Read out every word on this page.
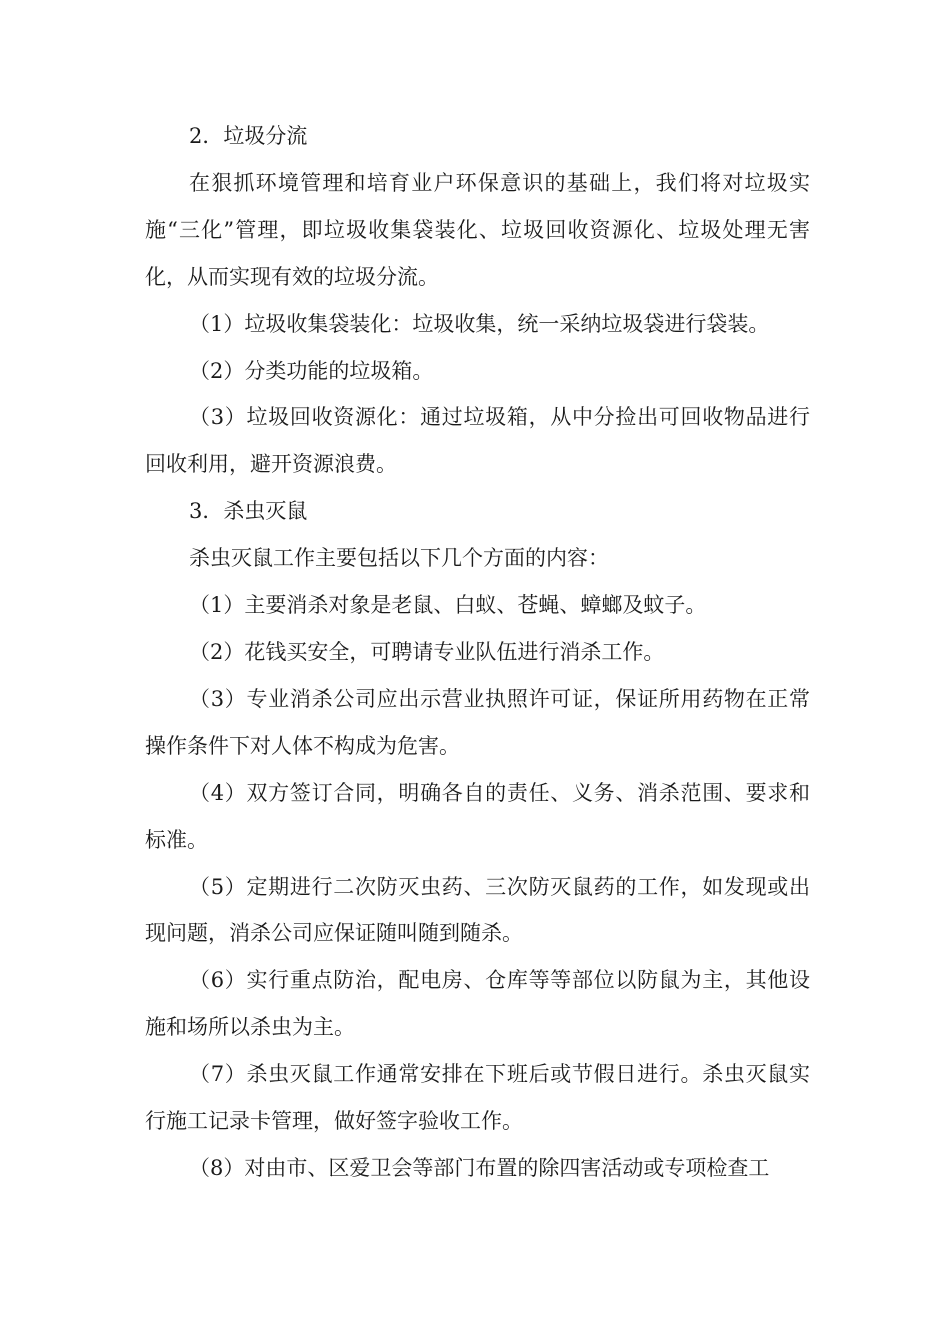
2．垃圾分流

在狠抓环境管理和培育业户环保意识的基础上，我们将对垃圾实施“三化”管理，即垃圾收集袋装化、垃圾回收资源化、垃圾处理无害化，从而实现有效的垃圾分流。

（1）垃圾收集袋装化：垃圾收集，统一采纳垃圾袋进行袋装。

（2）分类功能的垃圾箱。

（3）垃圾回收资源化：通过垃圾箱，从中分捡出可回收物品进行回收利用，避开资源浪费。

3．杀虫灭鼠

杀虫灭鼠工作主要包括以下几个方面的内容：

（1）主要消杀对象是老鼠、白蚁、苍蝇、蟑螂及蚊子。

（2）花钱买安全，可聘请专业队伍进行消杀工作。

（3）专业消杀公司应出示营业执照许可证，保证所用药物在正常操作条件下对人体不构成为危害。

（4）双方签订合同，明确各自的责任、义务、消杀范围、要求和标准。

（5）定期进行二次防灭虫药、三次防灭鼠药的工作，如发现或出现问题，消杀公司应保证随叫随到随杀。

（6）实行重点防治，配电房、仓库等等部位以防鼠为主，其他设施和场所以杀虫为主。

（7）杀虫灭鼠工作通常安排在下班后或节假日进行。杀虫灭鼠实行施工记录卡管理，做好签字验收工作。

（8）对由市、区爱卫会等部门布置的除四害活动或专项检查工
